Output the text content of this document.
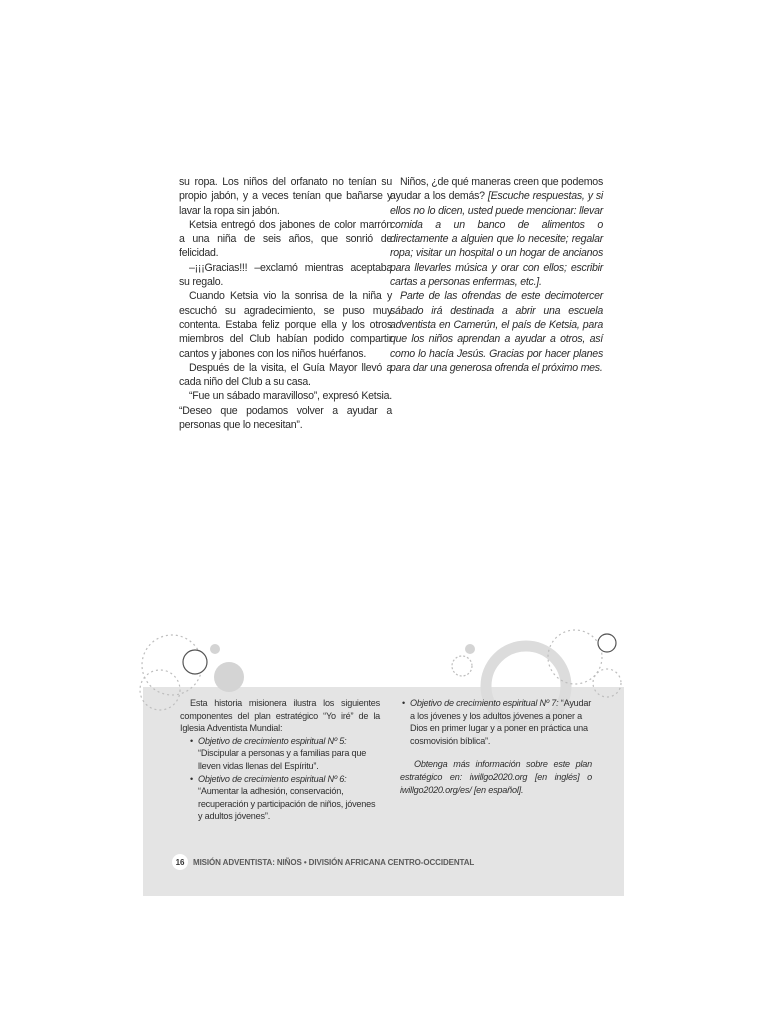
su ropa. Los niños del orfanato no tenían su propio jabón, y a veces tenían que bañarse y lavar la ropa sin jabón.

Ketsia entregó dos jabones de color marrón a una niña de seis años, que sonrió de felicidad.

–¡¡¡Gracias!!! –exclamó mientras aceptaba su regalo.

Cuando Ketsia vio la sonrisa de la niña y escuchó su agradecimiento, se puso muy contenta. Estaba feliz porque ella y los otros miembros del Club habían podido compartir cantos y jabones con los niños huérfanos.

Después de la visita, el Guía Mayor llevó a cada niño del Club a su casa.

“Fue un sábado maravilloso”, expresó Ketsia. “Deseo que podamos volver a ayudar a personas que lo necesitan”.

Niños, ¿de qué maneras creen que podemos ayudar a los demás? [Escuche respuestas, y si ellos no lo dicen, usted puede mencionar: llevar comida a un banco de alimentos o directamente a alguien que lo necesite; regalar ropa; visitar un hospital o un hogar de ancianos para llevarles música y orar con ellos; escribir cartas a personas enfermas, etc.].

Parte de las ofrendas de este decimotercer sábado irá destinada a abrir una escuela adventista en Camerún, el país de Ketsia, para que los niños aprendan a ayudar a otros, así como lo hacía Jesús. Gracias por hacer planes para dar una generosa ofrenda el próximo mes.

Esta historia misionera ilustra los siguientes componentes del plan estratégico “Yo iré” de la Iglesia Adventista Mundial:

• Objetivo de crecimiento espiritual Nº 5: “Discipular a personas y a familias para que lleven vidas llenas del Espíritu”.

• Objetivo de crecimiento espiritual Nº 6: “Aumentar la adhesión, conservación, recuperación y participación de niños, jóvenes y adultos jóvenes”.

• Objetivo de crecimiento espiritual Nº 7: “Ayudar a los jóvenes y los adultos jóvenes a poner a Dios en primer lugar y a poner en práctica una cosmovisión bíblica”.

Obtenga más información sobre este plan estratégico en: iwillgo2020.org [en inglés] o iwillgo2020.org/es/ [en español].

16	MISIÓN ADVENTISTA: NIÑOS • DIVISIÓN AFRICANA CENTRO-OCCIDENTAL
